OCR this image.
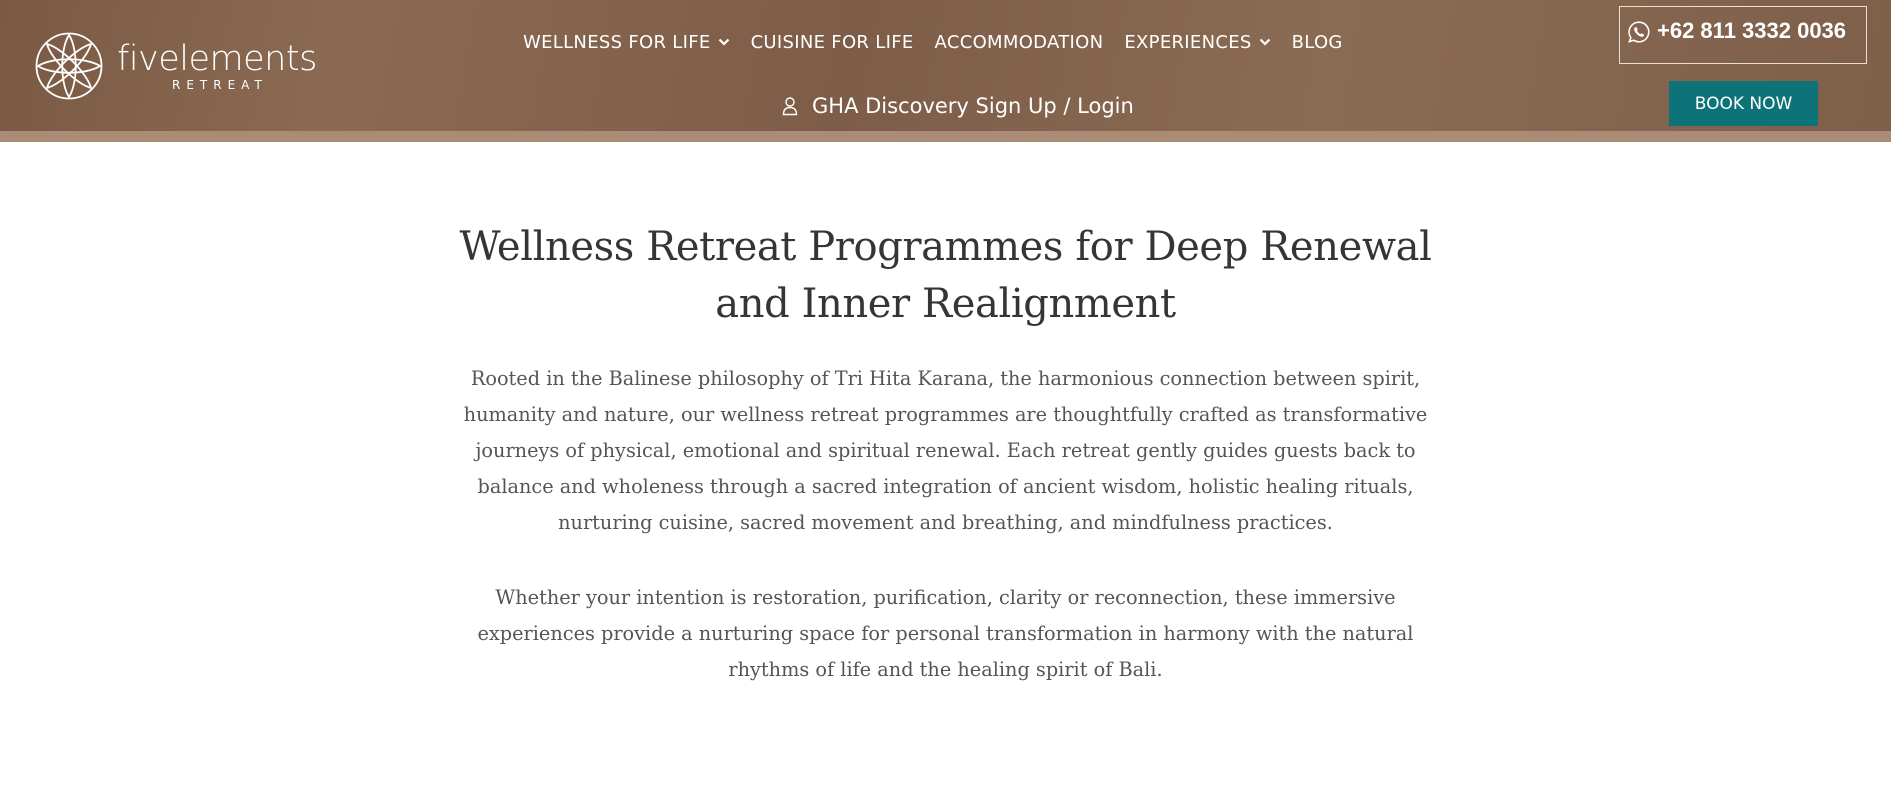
fivelements
RETREAT
WELLNESS FOR LIFE CUISINE FOR LIFE ACCOMMODATION EXPERIENCES BLOG
GHA Discovery Sign Up / Login
+62 811 3332 0036
BOOK NOW
Wellness Retreat Programmes for Deep Renewal and Inner Realignment

Rooted in the Balinese philosophy of Tri Hita Karana, the harmonious connection between spirit, humanity and nature, our wellness retreat programmes are thoughtfully crafted as transformative journeys of physical, emotional and spiritual renewal. Each retreat gently guides guests back to balance and wholeness through a sacred integration of ancient wisdom, holistic healing rituals, nurturing cuisine, sacred movement and breathing, and mindfulness practices.

Whether your intention is restoration, purification, clarity or reconnection, these immersive experiences provide a nurturing space for personal transformation in harmony with the natural rhythms of life and the healing spirit of Bali.
